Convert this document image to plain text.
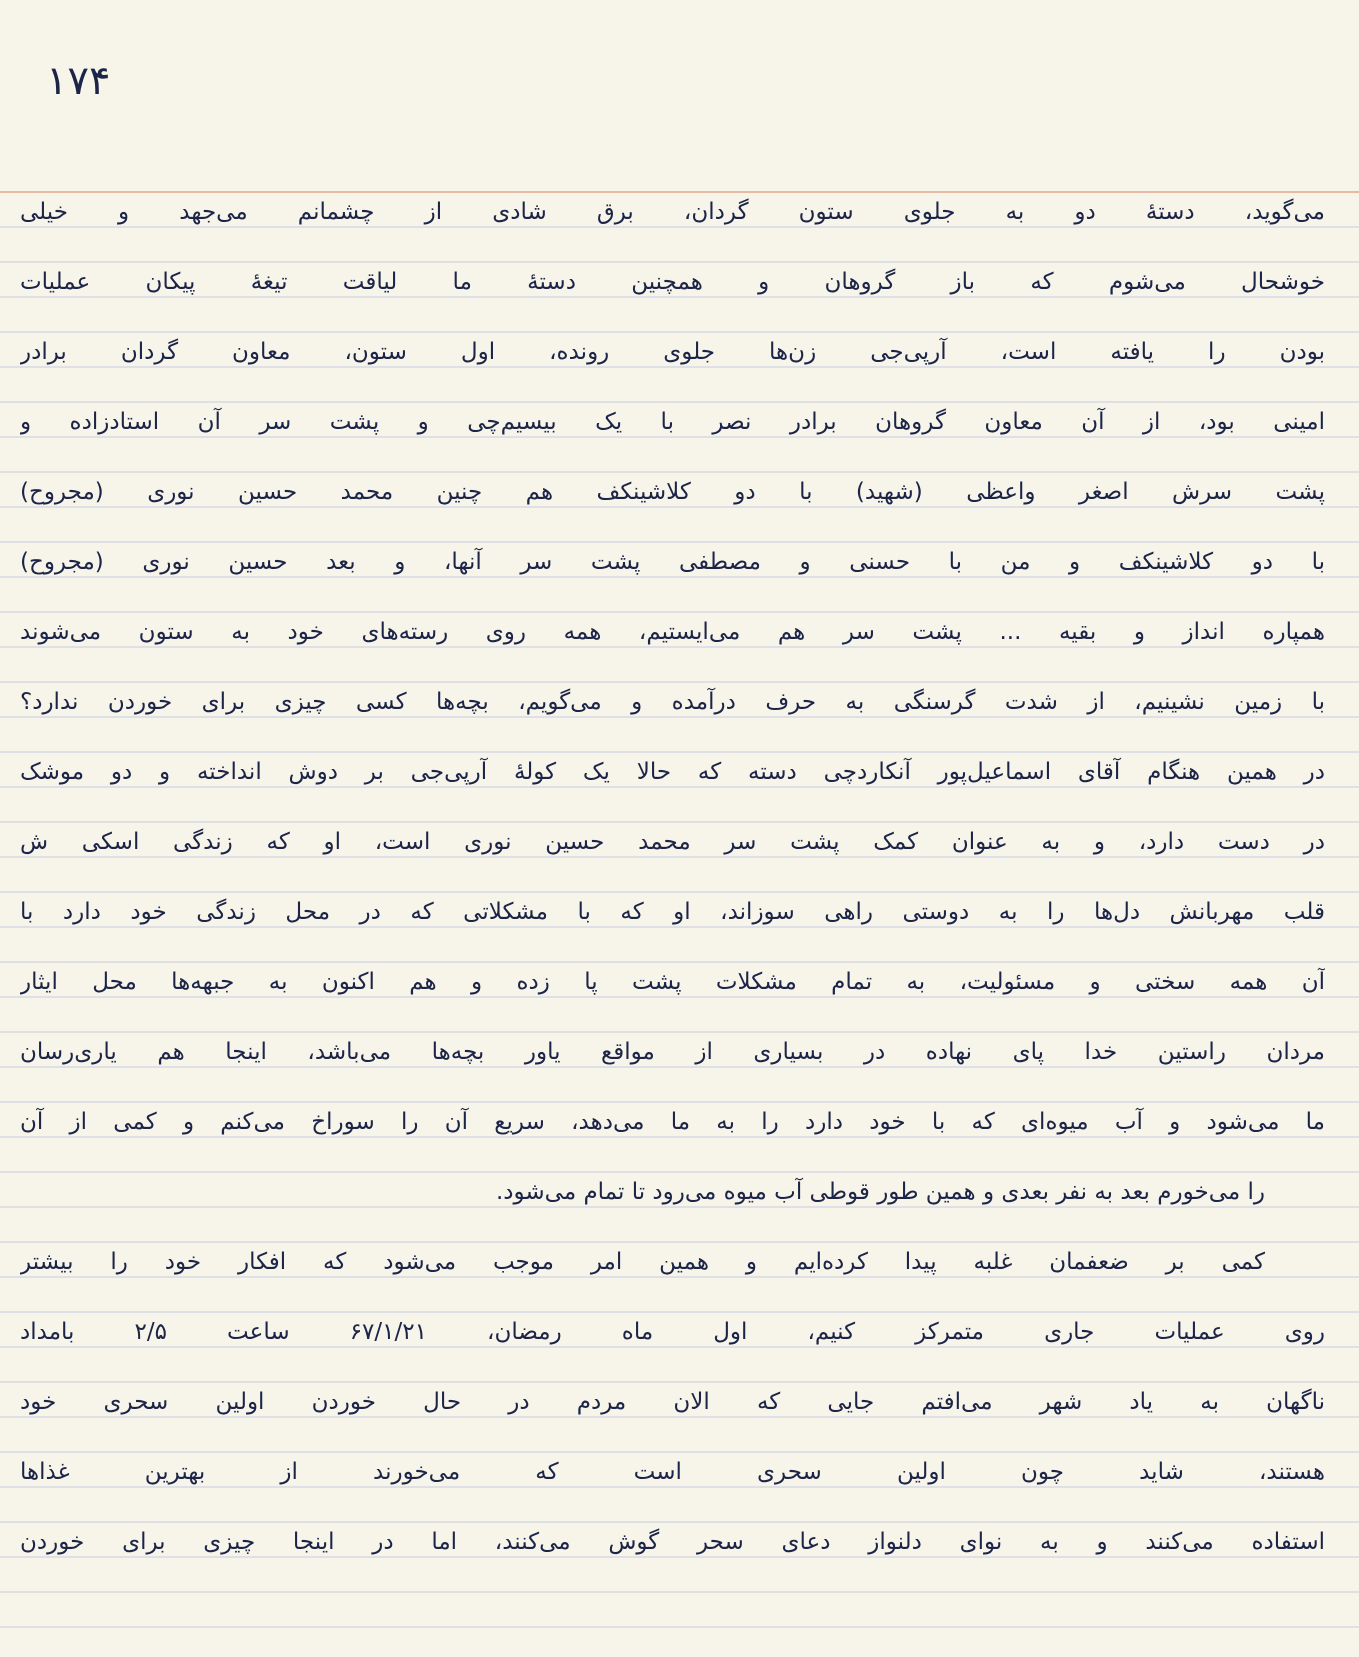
۱۷۴
می‌گوید، دستهٔ دو به جلوی ستون گردان، برق شادی از چشمانم می‌جهد و خیلی
خوشحال می‌شوم که باز گروهان و همچنین دستهٔ ما لیاقت تیغهٔ پیکان عملیات
بودن را یافته است، آرپی‌جی زن‌ها جلوی رونده، اول ستون، معاون گردان برادر
امینی بود، از آن معاون گروهان برادر نصر با یک بیسیم‌چی و پشت سر آن استادزاده و
پشت سرش اصغر واعظی (شهید) با دو کلاشینکف هم چنین محمد حسین نوری (مجروح)
با دو کلاشینکف و من با حسنی و مصطفی پشت سر آنها، و بعد حسین نوری (مجروح)
همپاره انداز و بقیه ... پشت سر هم می‌ایستیم، همه روی رسته‌های خود به ستون می‌شوند
با زمین نشینیم، از شدت گرسنگی به حرف درآمده و می‌گویم، بچه‌ها کسی چیزی برای خوردن ندارد؟
در همین هنگام آقای اسماعیل‌پور آنکاردچی دسته که حالا یک کولهٔ آرپی‌جی بر دوش انداخته و دو موشک
در دست دارد، و به عنوان کمک پشت سر محمد حسین نوری است، او که زندگی اسکی ش
قلب مهربانش دل‌ها را به دوستی راهی سوزاند، او که با مشکلاتی که در محل زندگی خود دارد با
آن همه سختی و مسئولیت، به تمام مشکلات پشت پا زده و هم اکنون به جبهه‌ها محل ایثار
مردان راستین خدا پای نهاده در بسیاری از مواقع یاور بچه‌ها می‌باشد، اینجا هم یاری‌رسان
ما می‌شود و آب میوه‌ای که با خود دارد را به ما می‌دهد، سریع آن را سوراخ می‌کنم و کمی از آن
را می‌خورم بعد به نفر بعدی و همین طور قوطی آب میوه می‌رود تا تمام می‌شود.
کمی بر ضعفمان غلبه پیدا کرده‌ایم و همین امر موجب می‌شود که افکار خود را بیشتر
روی عملیات جاری متمرکز کنیم، اول ماه رمضان، ۶۷/۱/۲۱ ساعت ۲/۵ بامداد
ناگهان به یاد شهر می‌افتم جایی که الان مردم در حال خوردن اولین سحری خود
هستند، شاید چون اولین سحری است که می‌خورند از بهترین غذاها
استفاده می‌کنند و به نوای دلنواز دعای سحر گوش می‌کنند، اما در اینجا چیزی برای خوردن
